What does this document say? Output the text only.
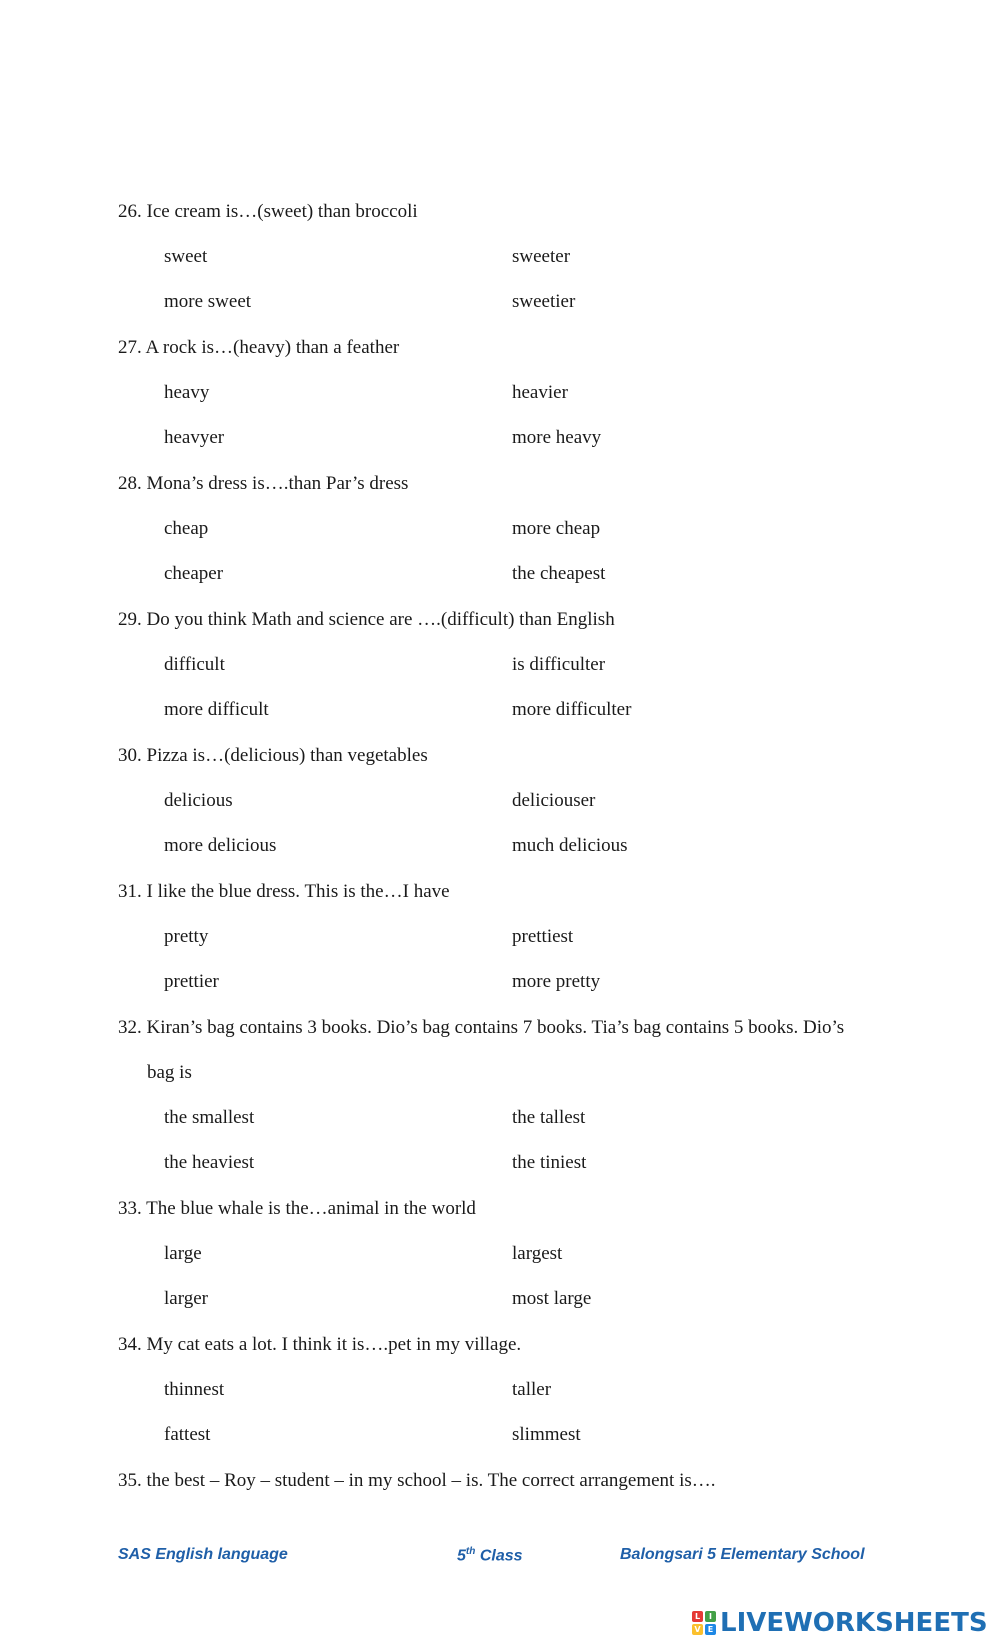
26. Ice cream is…(sweet) than broccoli
sweet	sweeter
more sweet	sweetier
27. A rock is…(heavy) than a feather
heavy	heavier
heavyer	more heavy
28. Mona’s dress is….than Par’s dress
cheap	more cheap
cheaper	the cheapest
29. Do you think Math and science are ….(difficult) than English
difficult	is difficulter
more difficult	more difficulter
30. Pizza is…(delicious) than vegetables
delicious	deliciouser
more delicious	much delicious
31. I like the blue dress. This is the…I have
pretty	prettiest
prettier	more pretty
32. Kiran’s bag contains 3 books. Dio’s bag contains 7 books. Tia’s bag contains 5 books. Dio’s
bag is
the smallest	the tallest
the heaviest	the tiniest
33. The blue whale is the…animal in the world
large	largest
larger	most large
34. My cat eats a lot. I think it is….pet in my village.
thinnest	taller
fattest	slimmest
35. the best – Roy – student – in my school – is. The correct arrangement is….
SAS English language	5th Class	Balongsari 5 Elementary School
L	I
V E LIVEWORKSHEETS
